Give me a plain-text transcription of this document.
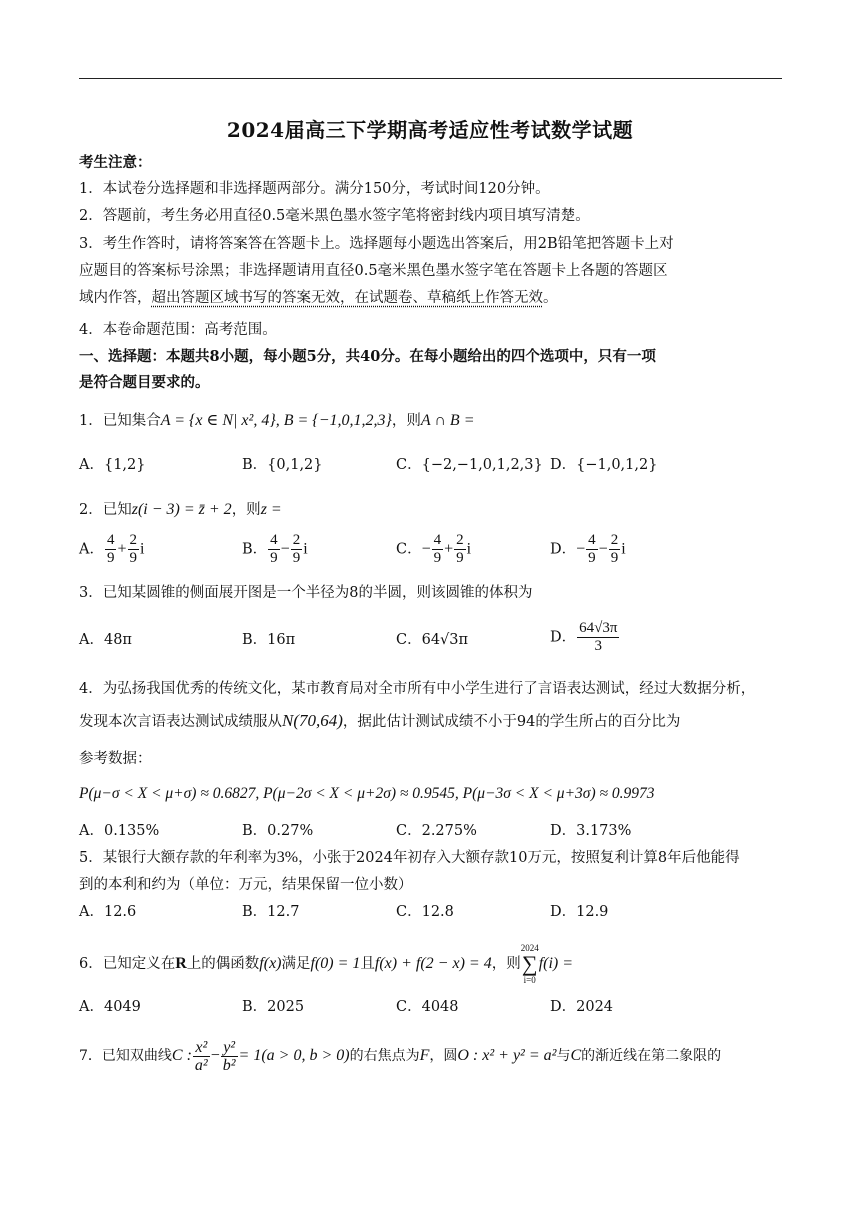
2024届高三下学期高考适应性考试数学试题
考生注意：
1．本试卷分选择题和非选择题两部分。满分150分，考试时间120分钟。
2．答题前，考生务必用直径0.5毫米黑色墨水签字笔将密封线内项目填写清楚。
3．考生作答时，请将答案答在答题卡上。选择题每小题选出答案后，用2B铅笔把答题卡上对
应题目的答案标号涂黑；非选择题请用直径0.5毫米黑色墨水签字笔在答题卡上各题的答题区
域内作答，超出答题区域书写的答案无效，在试题卷、草稿纸上作答无效。
4．本卷命题范围：高考范围。
一、选择题：本题共8小题，每小题5分，共40分。在每小题给出的四个选项中，只有一项
是符合题目要求的。
1．已知集合A = {x ∈ N| x², 4}, B = {−1,0,1,2,3}，则A ∩ B =
A．{1,2}	B．{0,1,2}	C．{−2,−1,0,1,2,3} D．{−1,0,1,2}
2．已知z(i − 3) = z̄ + 2，则z =
A． $\frac{4}{9} + \frac{2}{9}$ i	B． $\frac{4}{9} - \frac{2}{9}$ i	C．− $\frac{4}{9} + \frac{2}{9}$ i	D．− $\frac{4}{9} - \frac{2}{9}$ i
3．已知某圆锥的侧面展开图是一个半径为8的半圆，则该圆锥的体积为
A．48π	B．16π	C．64√3π	D． $\frac{64√3\pi}{3}$
4．为弘扬我国优秀的传统文化，某市教育局对全市所有中小学生进行了言语表达测试，经过大数据分析，
发现本次言语表达测试成绩服从N(70,64)，据此估计测试成绩不小于94的学生所占的百分比为
参考数据：
P(μ−σ < X < μ+σ) ≈ 0.6827, P(μ−2σ < X < μ+2σ) ≈ 0.9545, P(μ−3σ < X < μ+3σ) ≈ 0.9973
A．0.135%	B．0.27%	C．2.275%	D．3.173%
5．某银行大额存款的年利率为3%，小张于2024年初存入大额存款10万元，按照复利计算8年后他能得
到的本利和约为（单位：万元，结果保留一位小数）
A．12.6	B．12.7	C．12.8	D．12.9
6．已知定义在R上的偶函数f(x)满足f(0) = 1且f(x) + f(2 − x) = 4，则
2024
∑
i=0
f(i) =
A．4049	B．2025	C．4048	D．2024
7．已知双曲线C : $\frac{\text{x²}}{\text{a²}} - \frac{\text{y²}}{\text{b²}} = 1(a > 0$, b > 0)的右焦点为F，圆O : x² + y² = a²与C的渐近线在第二象限的
